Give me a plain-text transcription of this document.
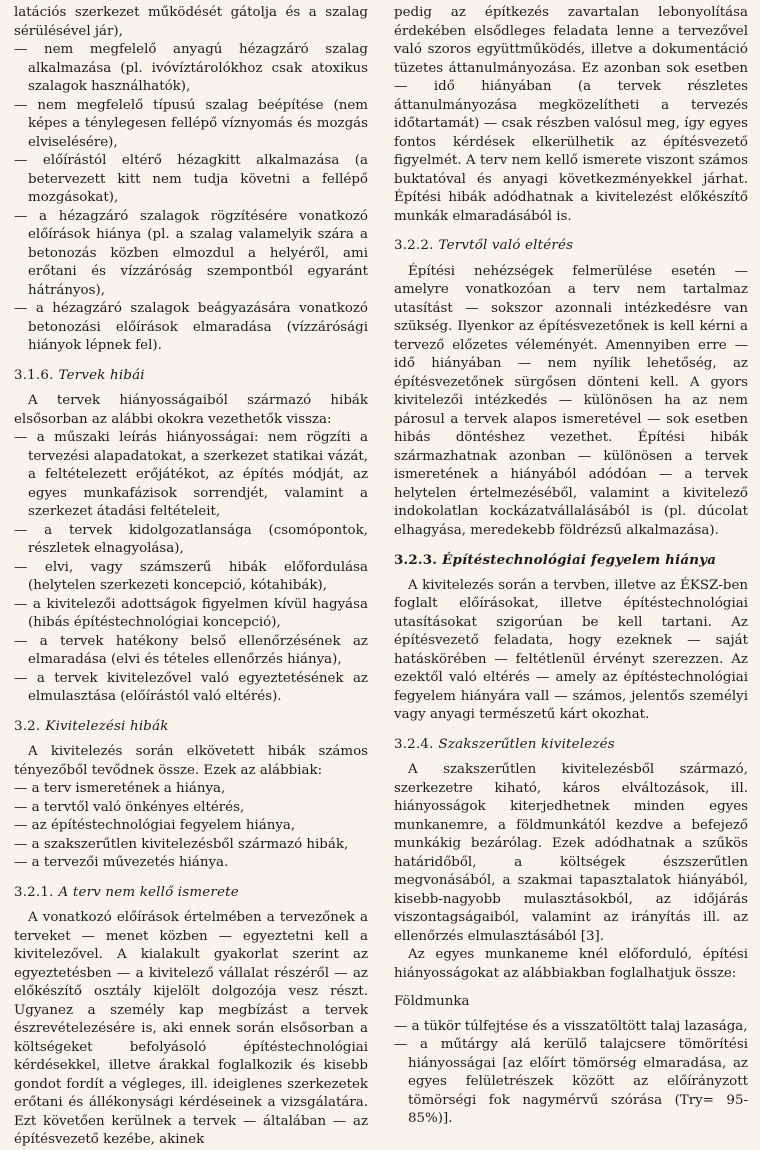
latációs szerkezet működését gátolja és a szalag sérülésével jár),

— nem megfelelő anyagú hézagzáró szalag alkalmazása (pl. ivóvíztárolókhoz csak atoxikus szalagok használhatók),

— nem megfelelő típusú szalag beépítése (nem képes a ténylegesen fellépő víznyomás és mozgás elviselésére),

— előírástól eltérő hézagkitt alkalmazása (a betervezett kitt nem tudja követni a fellépő mozgásokat),

— a hézagzáró szalagok rögzítésére vonatkozó előírások hiánya (pl. a szalag valamelyik szára a betonozás közben elmozdul a helyéről, ami erőtani és vízzáróság szempontból egyaránt hátrányos),

— a hézagzáró szalagok beágyazására vonatkozó betonozási előírások elmaradása (vízzárósági hiányok lépnek fel).

3.1.6. Tervek hibái

A tervek hiányosságaiból származó hibák elsősorban az alábbi okokra vezethetők vissza:

— a műszaki leírás hiányosságai: nem rögzíti a tervezési alapadatokat, a szerkezet statikai vázát, a feltételezett erőjátékot, az építés módját, az egyes munkafázisok sorrendjét, valamint a szerkezet átadási feltételeit,

— a tervek kidolgozatlansága (csomópontok, részletek elnagyolása),

— elvi, vagy számszerű hibák előfordulása (helytelen szerkezeti koncepció, kótahibák),

— a kivitelezői adottságok figyelmen kívül hagyása (hibás építéstechnológiai koncepció),

— a tervek hatékony belső ellenőrzésének az elmaradása (elvi és tételes ellenőrzés hiánya),

— a tervek kivitelezővel való egyeztetésének az elmulasztása (előírástól való eltérés).

3.2. Kivitelezési hibák

A kivitelezés során elkövetett hibák számos tényezőből tevődnek össze. Ezek az alábbiak:

— a terv ismeretének a hiánya,

— a tervtől való önkényes eltérés,

— az építéstechnológiai fegyelem hiánya,

— a szakszerűtlen kivitelezésből származó hibák,

— a tervezői művezetés hiánya.

3.2.1. A terv nem kellő ismerete

A vonatkozó előírások értelmében a tervezőnek a terveket — menet közben — egyeztetni kell a kivitelezővel. A kialakult gyakorlat szerint az egyeztetésben — a kivitelező vállalat részéről — az előkészítő osztály kijelölt dolgozója vesz részt. Ugyanez a személy kap megbízást a tervek észrevételezésére is, aki ennek során elsősorban a költségeket befolyásoló építéstechnológiai kérdésekkel, illetve árakkal foglalkozik és kisebb gondot fordít a végleges, ill. ideiglenes szerkezetek erőtani és állékonysági kérdéseinek a vizsgálatára. Ezt követően kerülnek a tervek — általában — az építésvezető kezébe, akinek

pedig az építkezés zavartalan lebonyolítása érdekében elsődleges feladata lenne a tervezővel való szoros együttműködés, illetve a dokumentáció tüzetes áttanulmányozása. Ez azonban sok esetben — idő hiányában (a tervek részletes áttanulmányozása megközelítheti a tervezés időtartamát) — csak részben valósul meg, így egyes fontos kérdések elkerülhetik az építésvezető figyelmét. A terv nem kellő ismerete viszont számos buktatóval és anyagi következményekkel járhat. Építési hibák adódhatnak a kivitelezést előkészítő munkák elmaradásából is.

3.2.2. Tervtől való eltérés

Építési nehézségek felmerülése esetén — amelyre vonatkozóan a terv nem tartalmaz utasítást — sokszor azonnali intézkedésre van szükség. Ilyenkor az építésvezetőnek is kell kérni a tervező előzetes véleményét. Amennyiben erre — idő hiányában — nem nyílik lehetőség, az építésvezetőnek sürgősen dönteni kell. A gyors kivitelezői intézkedés — különösen ha az nem párosul a tervek alapos ismeretével — sok esetben hibás döntéshez vezethet. Építési hibák származhatnak azonban — különösen a tervek ismeretének a hiányából adódóan — a tervek helytelen értelmezéséből, valamint a kivitelező indokolatlan kockázatvállalásából is (pl. dúcolat elhagyása, meredekebb földrézsű alkalmazása).

3.2.3. Építéstechnológiai fegyelem hiánya

A kivitelezés során a tervben, illetve az ÉKSZ-ben foglalt előírásokat, illetve építéstechnológiai utasításokat szigorúan be kell tartani. Az építésvezető feladata, hogy ezeknek — saját hatáskörében — feltétlenül érvényt szerezzen. Az ezektől való eltérés — amely az építéstechnológiai fegyelem hiányára vall — számos, jelentős személyi vagy anyagi természetű kárt okozhat.

3.2.4. Szakszerűtlen kivitelezés

A szakszerűtlen kivitelezésből származó, szerkezetre kiható, káros elváltozások, ill. hiányosságok kiterjedhetnek minden egyes munkanemre, a földmunkától kezdve a befejező munkákig bezárólag. Ezek adódhatnak a szűkös határidőből, a költségek észszerűtlen megvonásából, a szakmai tapasztalatok hiányából, kisebb-nagyobb mulasztásokból, az időjárás viszontagságaiból, valamint az irányítás ill. az ellenőrzés elmulasztásából [3].

Az egyes munkaneme knél előforduló, építési hiányosságokat az alábbiakban foglalhatjuk össze:

Földmunka

— a tükör túlfejtése és a visszatöltött talaj lazasága,

— a műtárgy alá kerülő talajcsere tömörítési hiányosságai [az előírt tömörség elmaradása, az egyes felületrészek között az előírányzott tömörségi fok nagymérvű szórása (Try= 95-85%)].
